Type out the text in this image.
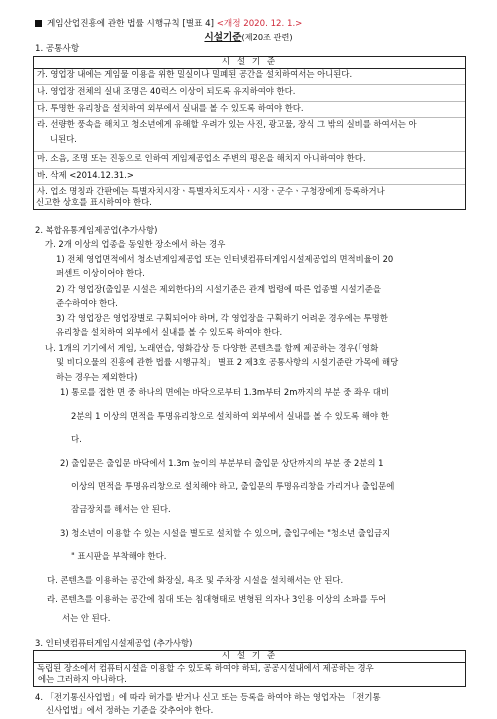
게임산업진흥에 관한 법률 시행규칙 [별표 4] <개정 2020. 12. 1.>
시설기준(제20조 관련)
1. 공통사항
시 설 기 준
가. 영업장 내에는 게임물 이용을 위한 밀실이나 밀폐된 공간을 설치하여서는 아니된다.
나. 영업장 전체의 실내 조명은 40럭스 이상이 되도록 유지하여야 한다.
다. 투명한 유리창을 설치하여 외부에서 실내를 볼 수 있도록 하여야 한다.
라. 선량한 풍속을 해치고 청소년에게 유해할 우려가 있는 사진, 광고물, 장식 그 밖의 실비를 하여서는 아
니된다.
마. 소음, 조명 또는 진동으로 인하여 게임제공업소 주변의 평온을 해치지 아니하여야 한다.
바. 삭제 <2014.12.31.>
사. 업소 명칭과 간판에는 특별자치시장ㆍ특별자치도지사ㆍ시장ㆍ군수ㆍ구청장에게 등록하거나
신고한 상호를 표시하여야 한다.
2. 복합유통게임제공업(추가사항)
가. 2개 이상의 업종을 동일한 장소에서 하는 경우
1) 전체 영업면적에서 청소년게임제공업 또는 인터넷컴퓨터게임시설제공업의 면적비율이 20
퍼센트 이상이어야 한다.
2) 각 영업장(출입문 시설은 제외한다)의 시설기준은 관계 법령에 따른 업종별 시설기준을
준수하여야 한다.
3) 각 영업장은 영업장별로 구획되어야 하며, 각 영업장을 구획하기 어려운 경우에는 투명한
유리창을 설치하여 외부에서 실내를 볼 수 있도록 하여야 한다.
나. 1개의 기기에서 게임, 노래연습, 영화감상 등 다양한 콘텐츠를 함께 제공하는 경우(「영화
및 비디오물의 진흥에 관한 법률 시행규칙」 별표 2 제3호 공통사항의 시설기준란 가목에 해당
하는 경우는 제외한다)
1) 통로를 접한 면 중 하나의 면에는 바닥으로부터 1.3m부터 2m까지의 부분 중 좌우 대비
2분의 1 이상의 면적을 투명유리창으로 설치하여 외부에서 실내를 볼 수 있도록 해야 한
다.
2) 출입문은 출입문 바닥에서 1.3m 높이의 부분부터 출입문 상단까지의 부분 중 2분의 1
이상의 면적을 투명유리창으로 설치해야 하고, 출입문의 투명유리창을 가리거나 출입문에
잠금장치를 해서는 안 된다.
3) 청소년이 이용할 수 있는 시설을 별도로 설치할 수 있으며, 출입구에는 "청소년 출입금지
" 표시판을 부착해야 한다.
다. 콘텐츠를 이용하는 공간에 화장실, 욕조 및 주차장 시설을 설치해서는 안 된다.
라. 콘텐츠를 이용하는 공간에 침대 또는 침대형태로 변형된 의자나 3인용 이상의 소파를 두어
서는 안 된다.
3. 인터넷컴퓨터게임시설제공업 (추가사항)
시 설 기 준
독립된 장소에서 컴퓨터시설을 이용할 수 있도록 하여야 하되, 공공시설내에서 제공하는 경우
에는 그러하지 아니하다.
4. 「전기통신사업법」에 따라 허가를 받거나 신고 또는 등록을 하여야 하는 영업자는 「전기통
신사업법」에서 정하는 기준을 갖추어야 한다.
